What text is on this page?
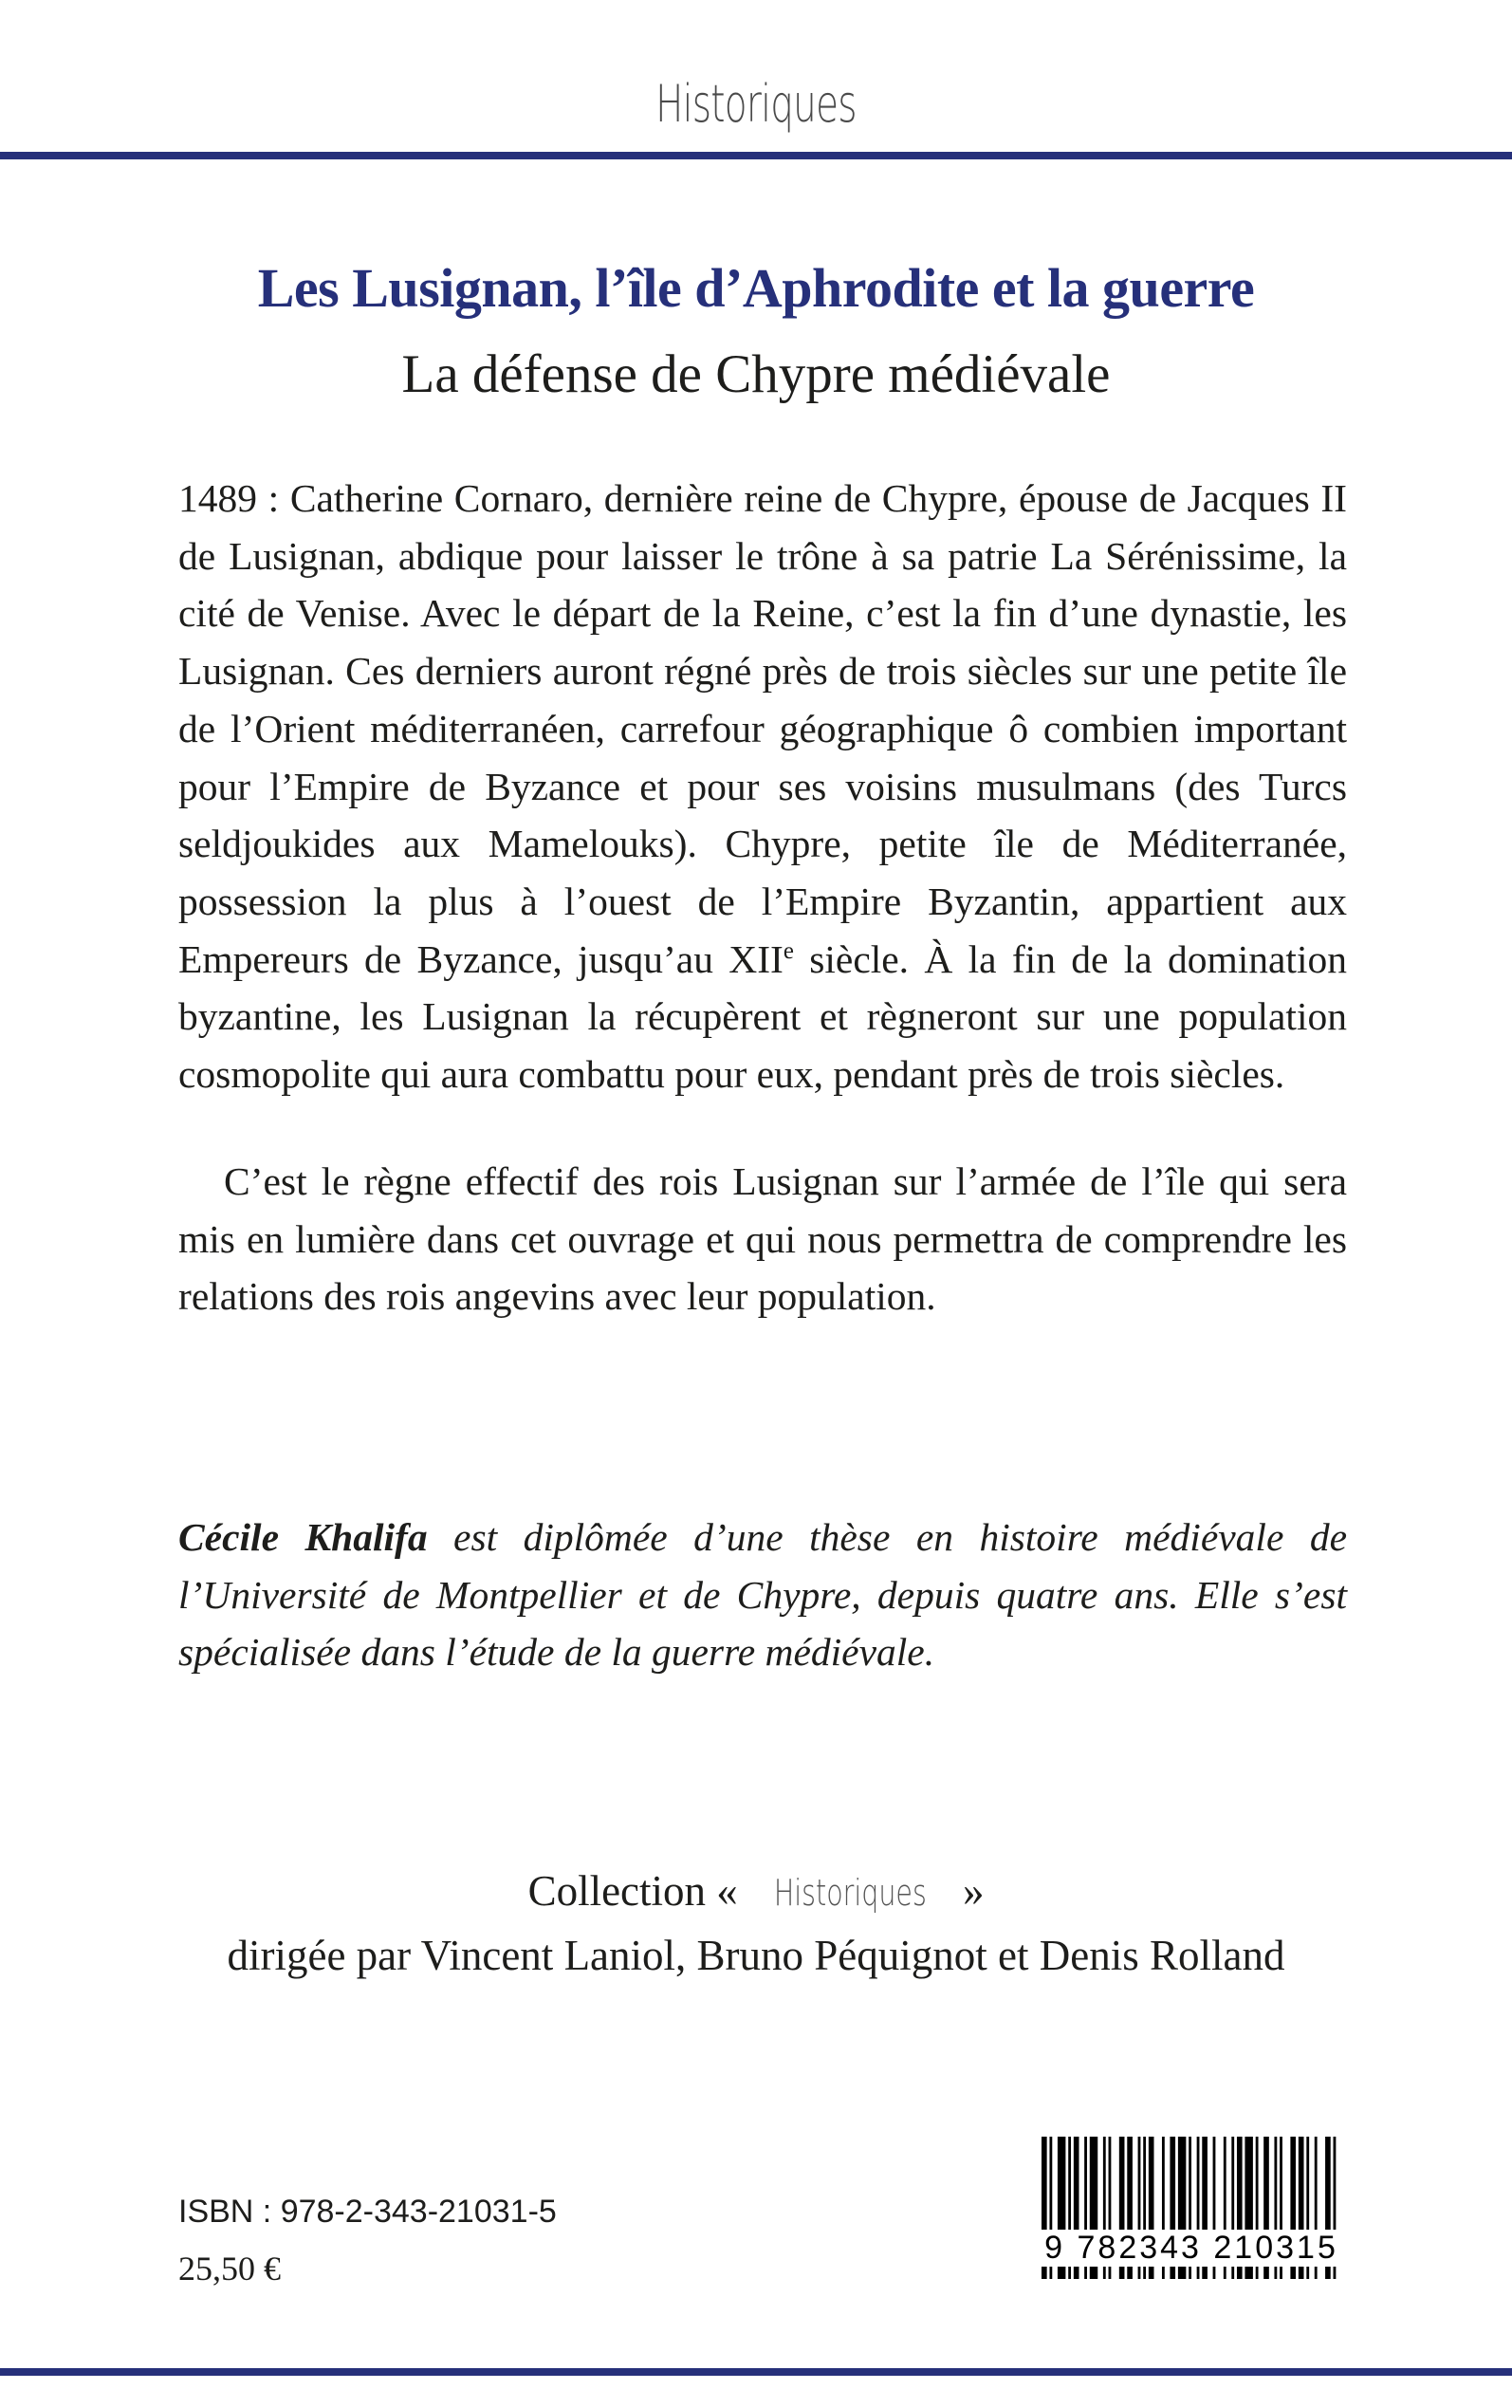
Historiques
Les Lusignan, l’île d’Aphrodite et la guerre
La défense de Chypre médiévale
1489 : Catherine Cornaro, dernière reine de Chypre, épouse de Jacques II de Lusignan, abdique pour laisser le trône à sa patrie La Sérénissime, la cité de Venise. Avec le départ de la Reine, c’est la fin d’une dynastie, les Lusignan. Ces derniers auront régné près de trois siècles sur une petite île de l’Orient méditerranéen, carrefour géographique ô combien important pour l’Empire de Byzance et pour ses voisins musulmans (des Turcs seldjoukides aux Mamelouks). Chypre, petite île de Méditerranée, possession la plus à l’ouest de l’Empire Byzantin, appartient aux Empereurs de Byzance, jusqu’au XIIe siècle. À la fin de la domination byzantine, les Lusignan la récupèrent et règneront sur une population cosmopolite qui aura combattu pour eux, pendant près de trois siècles.
C’est le règne effectif des rois Lusignan sur l’armée de l’île qui sera mis en lumière dans cet ouvrage et qui nous permettra de comprendre les relations des rois angevins avec leur population.
Cécile Khalifa est diplômée d’une thèse en histoire médiévale de l’Université de Montpellier et de Chypre, depuis quatre ans. Elle s’est spécialisée dans l’étude de la guerre médiévale.
Collection « Historiques »
dirigée par Vincent Laniol, Bruno Péquignot et Denis Rolland
ISBN : 978-2-343-21031-5
25,50 €
9 782343 210315
